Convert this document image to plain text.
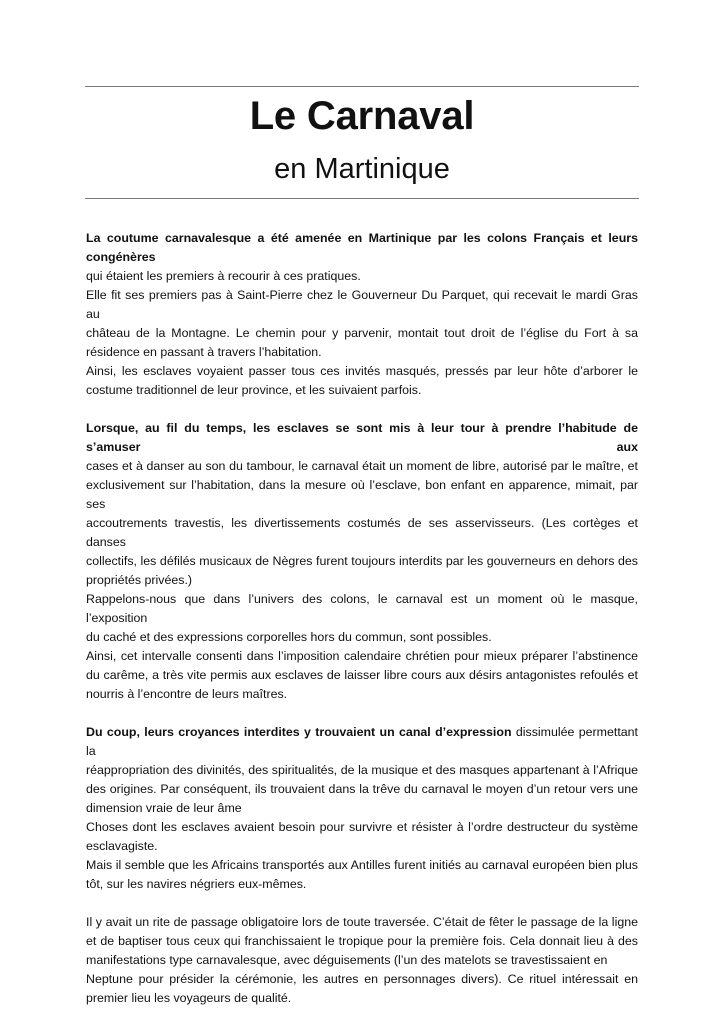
Le Carnaval
en Martinique
La coutume carnavalesque a été amenée en Martinique par les colons Français et leurs congénères
qui étaient les premiers à recourir à ces pratiques.
Elle fit ses premiers pas à Saint-Pierre chez le Gouverneur Du Parquet, qui recevait le mardi Gras au
château de la Montagne. Le chemin pour y parvenir, montait tout droit de l’église du Fort à sa
résidence en passant à travers l’habitation.
Ainsi, les esclaves voyaient passer tous ces invités masqués, pressés par leur hôte d’arborer le
costume traditionnel de leur province, et les suivaient parfois.
Lorsque, au fil du temps, les esclaves se sont mis à leur tour à prendre l’habitude de s’amuser aux
cases et à danser au son du tambour, le carnaval était un moment de libre, autorisé par le maître, et
exclusivement sur l’habitation, dans la mesure où l’esclave, bon enfant en apparence, mimait, par ses
accoutrements travestis, les divertissements costumés de ses asservisseurs. (Les cortèges et danses
collectifs, les défilés musicaux de Nègres furent toujours interdits par les gouverneurs en dehors des
propriétés privées.)
Rappelons-nous que dans l’univers des colons, le carnaval est un moment où le masque, l’exposition
du caché et des expressions corporelles hors du commun, sont possibles.
Ainsi, cet intervalle consenti dans l’imposition calendaire chrétien pour mieux préparer l’abstinence
du carême, a très vite permis aux esclaves de laisser libre cours aux désirs antagonistes refoulés et
nourris à l’encontre de leurs maîtres.
Du coup, leurs croyances interdites y trouvaient un canal d’expression dissimulée permettant la
réappropriation des divinités, des spiritualités, de la musique et des masques appartenant à l’Afrique
des origines. Par conséquent, ils trouvaient dans la trêve du carnaval le moyen d’un retour vers une
dimension vraie de leur âme
Choses dont les esclaves avaient besoin pour survivre et résister à l’ordre destructeur du système
esclavagiste.
Mais il semble que les Africains transportés aux Antilles furent initiés au carnaval européen bien plus
tôt, sur les navires négriers eux-mêmes.
Il y avait un rite de passage obligatoire lors de toute traversée. C’était de fêter le passage de la ligne
et de baptiser tous ceux qui franchissaient le tropique pour la première fois. Cela donnait lieu à des
manifestations type carnavalesque, avec déguisements (l’un des matelots se travestissaient en
Neptune pour présider la cérémonie, les autres en personnages divers). Ce rituel intéressait en
premier lieu les voyageurs de qualité.
